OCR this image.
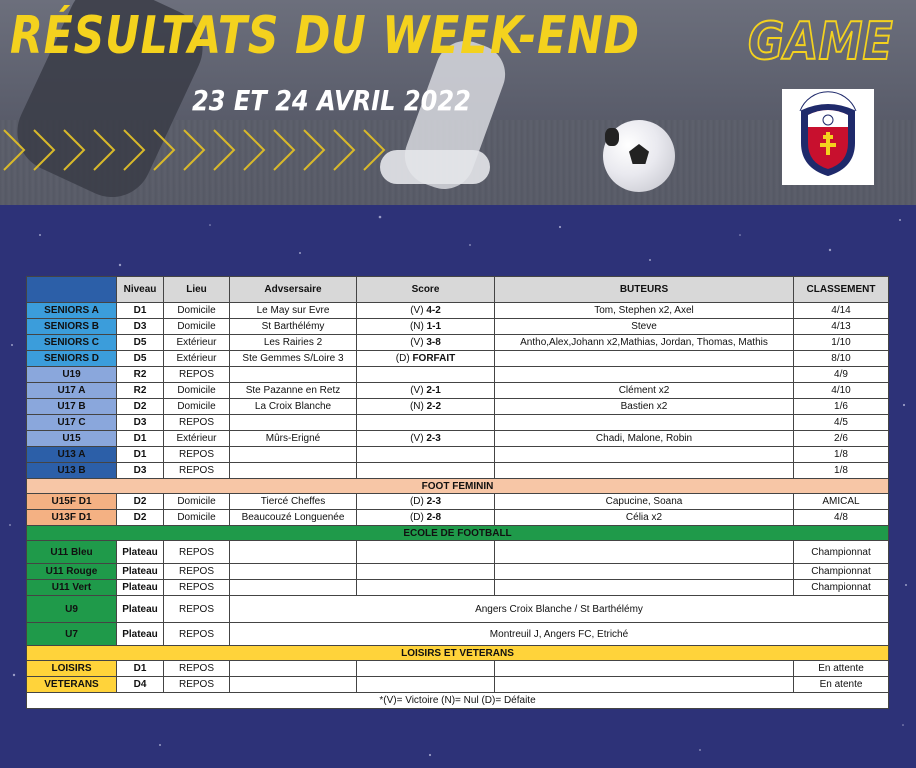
RÉSULTATS DU WEEK-END
23 ET 24 AVRIL 2022
GAME
	Niveau	Lieu	Advsersaire	Score	BUTEURS	CLASSEMENT
SENIORS A	D1	Domicile	Le May sur Evre	(V) 4-2	Tom, Stephen x2, Axel	4/14
SENIORS B	D3	Domicile	St Barthélémy	(N) 1-1	Steve	4/13
SENIORS C	D5	Extérieur	Les Rairies 2	(V) 3-8	Antho,Alex,Johann x2,Mathias, Jordan, Thomas, Mathis	1/10
SENIORS D	D5	Extérieur	Ste Gemmes S/Loire 3	(D) FORFAIT		8/10
U19	R2	REPOS				4/9
U17 A	R2	Domicile	Ste Pazanne en Retz	(V) 2-1	Clément x2	4/10
U17 B	D2	Domicile	La Croix Blanche	(N) 2-2	Bastien x2	1/6
U17 C	D3	REPOS				4/5
U15	D1	Extérieur	Mûrs-Erigné	(V) 2-3	Chadi, Malone, Robin	2/6
U13 A	D1	REPOS				1/8
U13 B	D3	REPOS				1/8
FOOT FEMININ						
U15F D1	D2	Domicile	Tiercé Cheffes	(D) 2-3	Capucine, Soana	AMICAL
U13F D1	D2	Domicile	Beaucouzé Longuenée	(D) 2-8	Célia x2	4/8
ECOLE DE FOOTBALL						
U11 Bleu	Plateau	REPOS				Championnat
U11 Rouge	Plateau	REPOS				Championnat
U11 Vert	Plateau	REPOS				Championnat
U9	Plateau	REPOS	Angers Croix Blanche / St Barthélémy			
U7	Plateau	REPOS	Montreuil J, Angers FC, Etriché			
LOISIRS ET VETERANS						
LOISIRS	D1	REPOS				En attente
VETERANS	D4	REPOS				En atente
*(V)= Victoire (N)= Nul (D)= Défaite						
